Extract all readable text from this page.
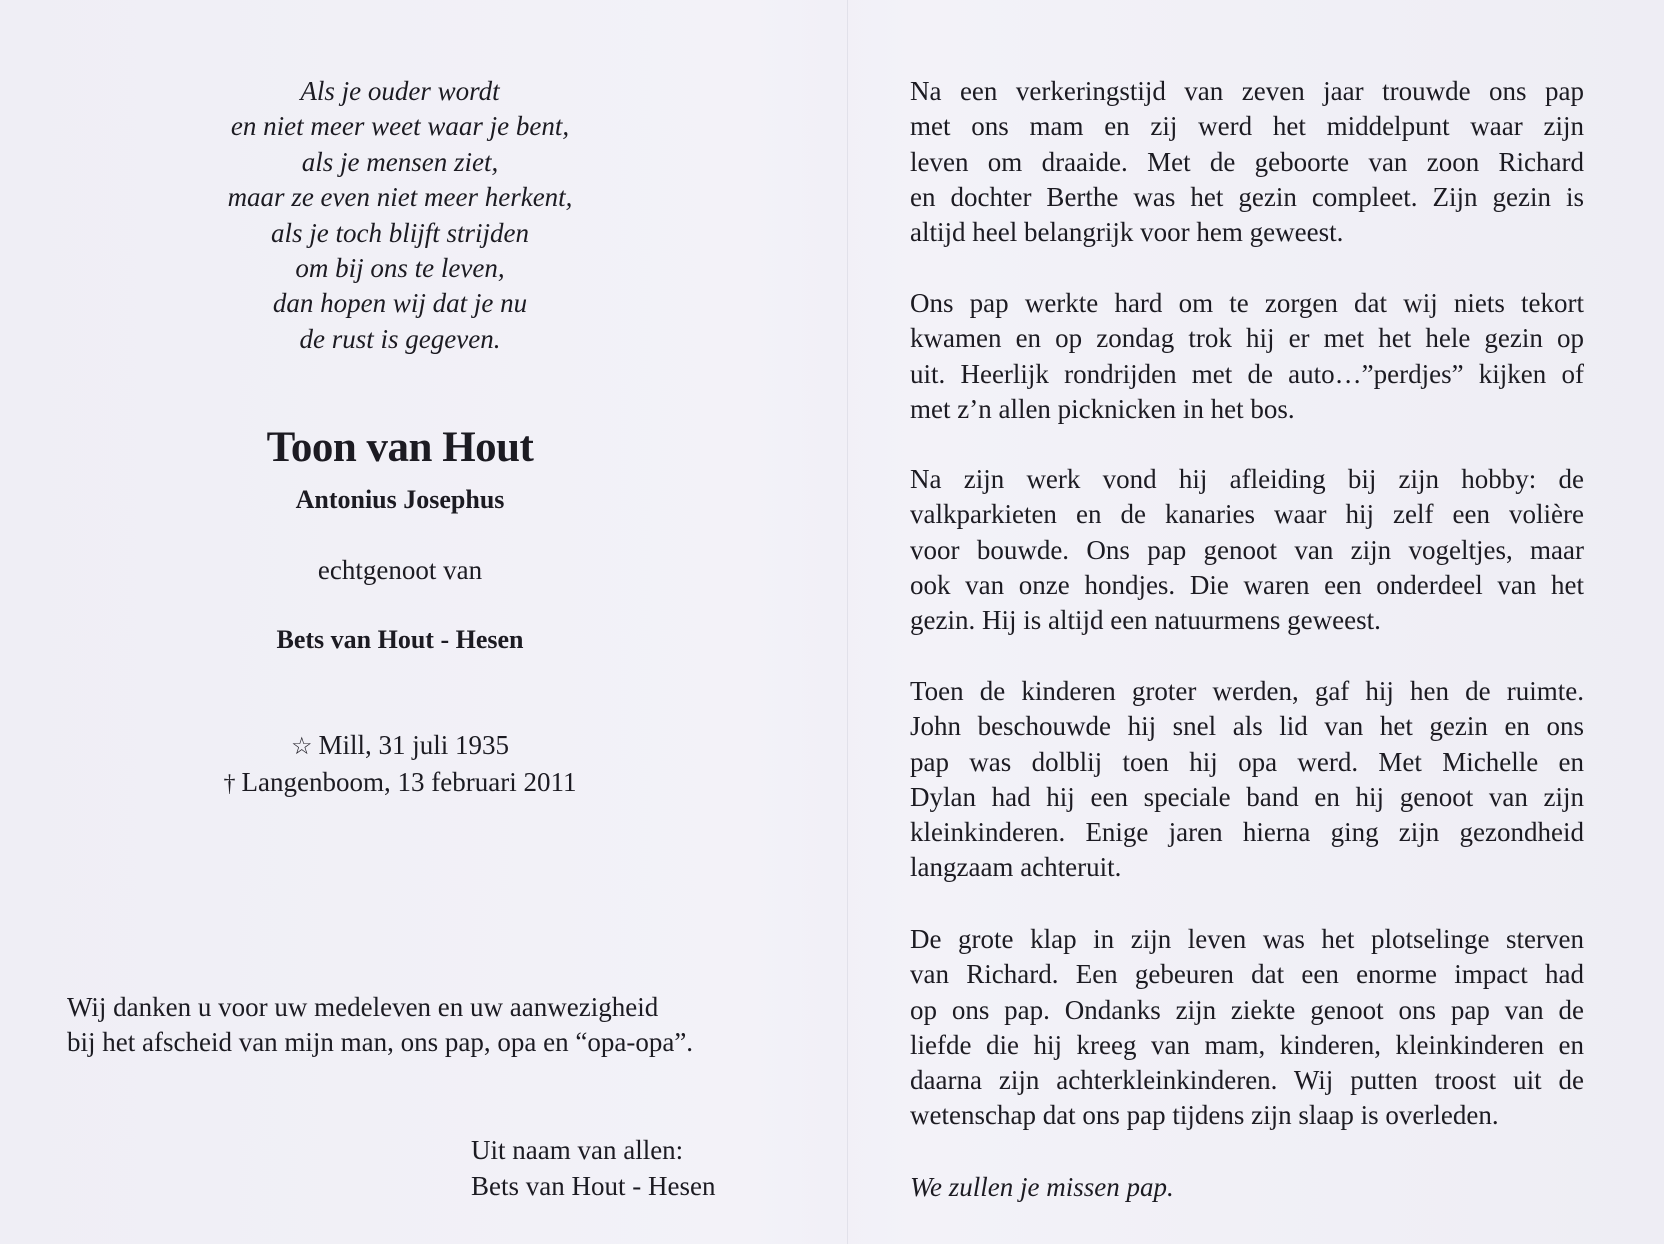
Als je ouder wordt
en niet meer weet waar je bent,
als je mensen ziet,
maar ze even niet meer herkent,
als je toch blijft strijden
om bij ons te leven,
dan hopen wij dat je nu
de rust is gegeven.
Toon van Hout
Antonius Josephus
echtgenoot van
Bets van Hout - Hesen
☆ Mill, 31 juli 1935
† Langenboom, 13 februari 2011
Wij danken u voor uw medeleven en uw aanwezigheid
bij het afscheid van mijn man, ons pap, opa en “opa-opa”.
Uit naam van allen:
Bets van Hout - Hesen

Na een verkeringstijd van zeven jaar trouwde ons pap
met ons mam en zij werd het middelpunt waar zijn
leven om draaide. Met de geboorte van zoon Richard
en dochter Berthe was het gezin compleet. Zijn gezin is
altijd heel belangrijk voor hem geweest.

Ons pap werkte hard om te zorgen dat wij niets tekort
kwamen en op zondag trok hij er met het hele gezin op
uit. Heerlijk rondrijden met de auto…”perdjes” kijken of
met z’n allen picknicken in het bos.

Na zijn werk vond hij afleiding bij zijn hobby: de
valkparkieten en de kanaries waar hij zelf een volière
voor bouwde. Ons pap genoot van zijn vogeltjes, maar
ook van onze hondjes. Die waren een onderdeel van het
gezin. Hij is altijd een natuurmens geweest.

Toen de kinderen groter werden, gaf hij hen de ruimte.
John beschouwde hij snel als lid van het gezin en ons
pap was dolblij toen hij opa werd. Met Michelle en
Dylan had hij een speciale band en hij genoot van zijn
kleinkinderen. Enige jaren hierna ging zijn gezondheid
langzaam achteruit.

De grote klap in zijn leven was het plotselinge sterven
van Richard. Een gebeuren dat een enorme impact had
op ons pap. Ondanks zijn ziekte genoot ons pap van de
liefde die hij kreeg van mam, kinderen, kleinkinderen en
daarna zijn achterkleinkinderen. Wij putten troost uit de
wetenschap dat ons pap tijdens zijn slaap is overleden.

We zullen je missen pap.
